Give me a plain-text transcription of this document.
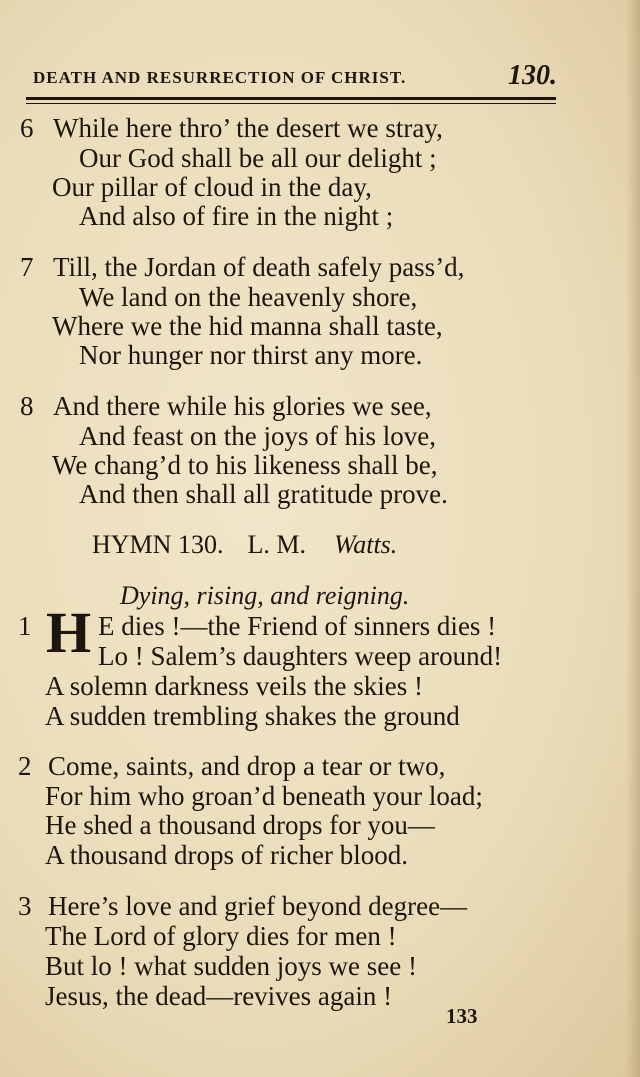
DEATH AND RESURRECTION OF CHRIST.	130.
6 While here thro’ the desert we stray,
Our God shall be all our delight ;
Our pillar of cloud in the day,
And also of fire in the night ;
7 Till, the Jordan of death safely pass’d,
We land on the heavenly shore,
Where we the hid manna shall taste,
Nor hunger nor thirst any more.
8 And there while his glories we see,
And feast on the joys of his love,
We chang’d to his likeness shall be,
And then shall all gratitude prove.
HYMN 130. L. M. Watts.
Dying, rising, and reigning.
1 H E dies !—the Friend of sinners dies !
Lo ! Salem’s daughters weep around!
A solemn darkness veils the skies !
A sudden trembling shakes the ground
2 Come, saints, and drop a tear or two,
For him who groan’d beneath your load;
He shed a thousand drops for you—
A thousand drops of richer blood.
3 Here’s love and grief beyond degree—
The Lord of glory dies for men !
But lo ! what sudden joys we see !
Jesus, the dead—revives again !
133
